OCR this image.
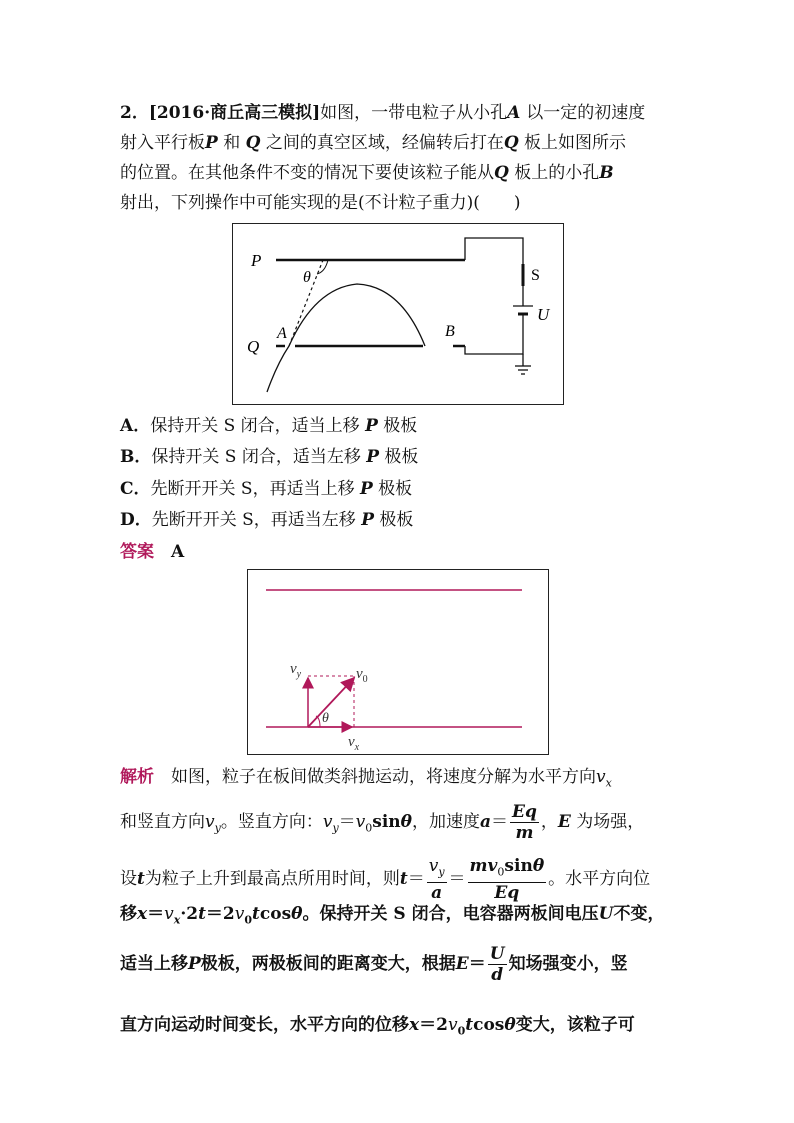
2．[2016·商丘高三模拟]如图，一带电粒子从小孔A 以一定的初速度
射入平行板P 和 Q 之间的真空区域，经偏转后打在Q 板上如图所示
的位置。在其他条件不变的情况下要使该粒子能从Q 板上的小孔B
射出，下列操作中可能实现的是(不计粒子重力)(　　)
P
Q
A	B
S
U
θ
A．保持开关 S 闭合，适当上移 P 极板
B．保持开关 S 闭合，适当左移 P 极板
C．先断开开关 S，再适当上移 P 极板
D．先断开开关 S，再适当左移 P 极板
答案　 A
$v_y$	$v_0$
$v_x$
θ
解析　 如图，粒子在板间做类斜抛运动，将速度分解为水平方向$v_x$
和竖直方向$v_y$。竖直方向：$v_y=v_0\sin\theta$，加速度$a= \frac{Eq}{m}$ ，E 为场强，
设t为粒子上升到最高点所用时间，则$t= \frac{v_y}{a} = \frac{mv_0\sin\theta}{Eq}$ 。水平方向位
移$x=v_x\cdot 2t=2v_0tcos\theta$。保持开关 S 闭合，电容器两板间电压U不变，
适当上移P极板，两极板间的距离变大，根据$E= \frac{U}{d}$ 知场强变小，竖
直方向运动时间变长，水平方向的位移$x=2v_0tcos\theta$变大，该粒子可
